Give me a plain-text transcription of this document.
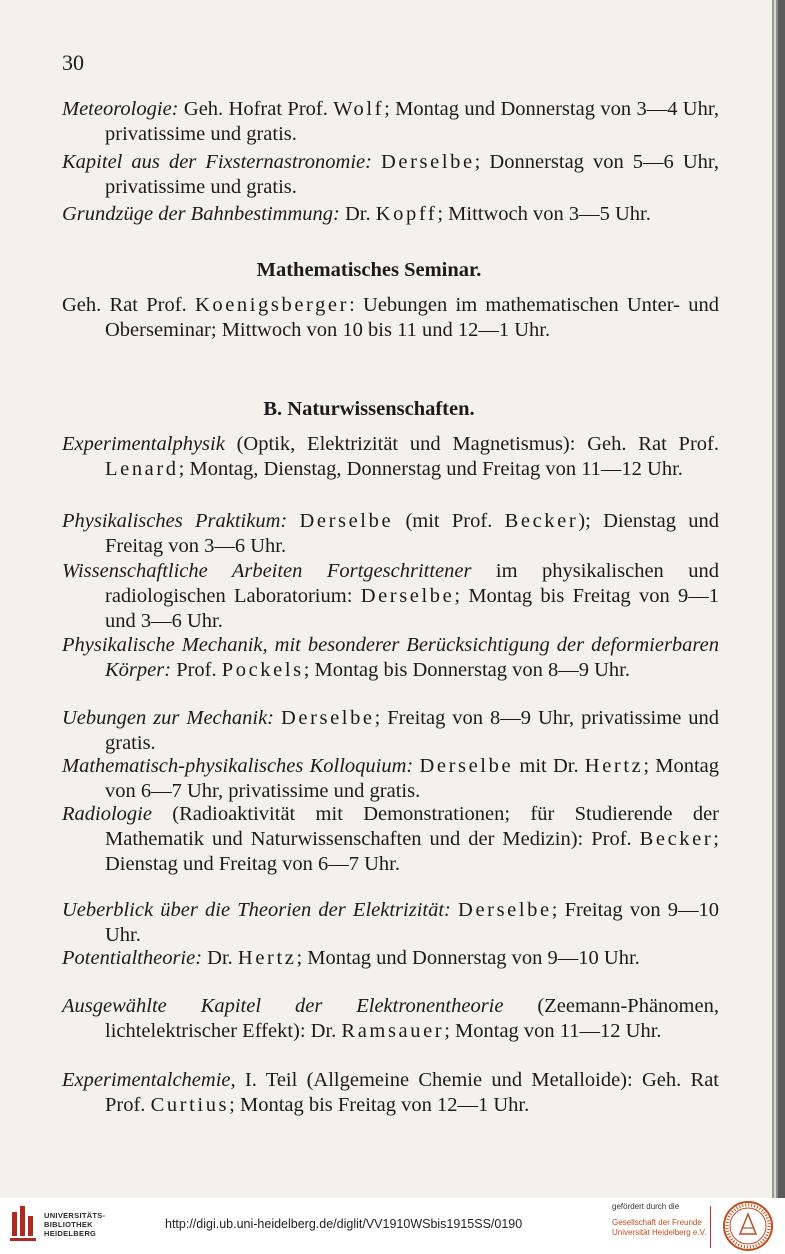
30
Meteorologie: Geh. Hofrat Prof. Wolf; Montag und Donnerstag von 3—4 Uhr, privatissime und gratis.
Kapitel aus der Fixsternastronomie: Derselbe; Donnerstag von 5—6 Uhr, privatissime und gratis.
Grundzüge der Bahnbestimmung: Dr. Kopff; Mittwoch von 3—5 Uhr.
Mathematisches Seminar.
Geh. Rat Prof. Koenigsberger: Uebungen im mathematischen Unter- und Oberseminar; Mittwoch von 10 bis 11 und 12—1 Uhr.
B. Naturwissenschaften.
Experimentalphysik (Optik, Elektrizität und Magnetismus): Geh. Rat Prof. Lenard; Montag, Dienstag, Donnerstag und Freitag von 11—12 Uhr.
Physikalisches Praktikum: Derselbe (mit Prof. Becker); Dienstag und Freitag von 3—6 Uhr.
Wissenschaftliche Arbeiten Fortgeschrittener im physikalischen und radiologischen Laboratorium: Derselbe; Montag bis Freitag von 9—1 und 3—6 Uhr.
Physikalische Mechanik, mit besonderer Berücksichtigung der deformierbaren Körper: Prof. Pockels; Montag bis Donnerstag von 8—9 Uhr.
Uebungen zur Mechanik: Derselbe; Freitag von 8—9 Uhr, privatissime und gratis.
Mathematisch-physikalisches Kolloquium: Derselbe mit Dr. Hertz; Montag von 6—7 Uhr, privatissime und gratis.
Radiologie (Radioaktivität mit Demonstrationen; für Studierende der Mathematik und Naturwissenschaften und der Medizin): Prof. Becker; Dienstag und Freitag von 6—7 Uhr.
Ueberblick über die Theorien der Elektrizität: Derselbe; Freitag von 9—10 Uhr.
Potentialtheorie: Dr. Hertz; Montag und Donnerstag von 9—10 Uhr.
Ausgewählte Kapitel der Elektronentheorie (Zeemann-Phänomen, lichtelektrischer Effekt): Dr. Ramsauer; Montag von 11—12 Uhr.
Experimentalchemie, I. Teil (Allgemeine Chemie und Metalloide): Geh. Rat Prof. Curtius; Montag bis Freitag von 12—1 Uhr.
UNIVERSITÄTS-
BIBLIOTHEK
HEIDELBERG
http://digi.ub.uni-heidelberg.de/diglit/VV1910WSbis1915SS/0190
gefördert durch die
Gesellschaft der Freunde
Universität Heidelberg e.V.
